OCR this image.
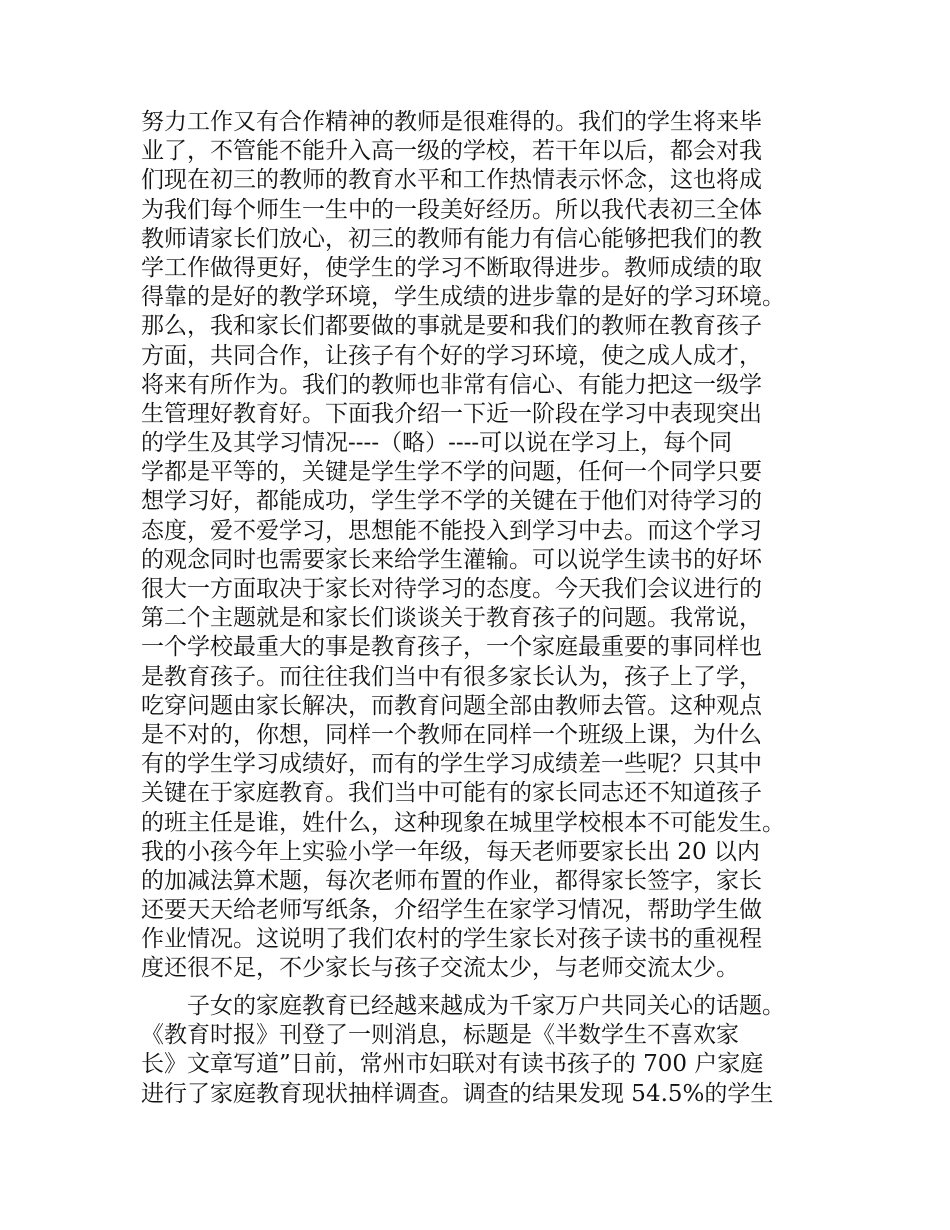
努力工作又有合作精神的教师是很难得的。我们的学生将来毕
业了，不管能不能升入高一级的学校，若干年以后，都会对我
们现在初三的教师的教育水平和工作热情表示怀念，这也将成
为我们每个师生一生中的一段美好经历。所以我代表初三全体
教师请家长们放心，初三的教师有能力有信心能够把我们的教
学工作做得更好，使学生的学习不断取得进步。教师成绩的取
得靠的是好的教学环境，学生成绩的进步靠的是好的学习环境。
那么，我和家长们都要做的事就是要和我们的教师在教育孩子
方面，共同合作，让孩子有个好的学习环境，使之成人成才，
将来有所作为。我们的教师也非常有信心、有能力把这一级学
生管理好教育好。下面我介绍一下近一阶段在学习中表现突出
的学生及其学习情况----（略）----可以说在学习上，每个同
学都是平等的，关键是学生学不学的问题，任何一个同学只要
想学习好，都能成功，学生学不学的关键在于他们对待学习的
态度，爱不爱学习，思想能不能投入到学习中去。而这个学习
的观念同时也需要家长来给学生灌输。可以说学生读书的好坏
很大一方面取决于家长对待学习的态度。今天我们会议进行的
第二个主题就是和家长们谈谈关于教育孩子的问题。我常说，
一个学校最重大的事是教育孩子，一个家庭最重要的事同样也
是教育孩子。而往往我们当中有很多家长认为，孩子上了学，
吃穿问题由家长解决，而教育问题全部由教师去管。这种观点
是不对的，你想，同样一个教师在同样一个班级上课，为什么
有的学生学习成绩好，而有的学生学习成绩差一些呢？只其中
关键在于家庭教育。我们当中可能有的家长同志还不知道孩子
的班主任是谁，姓什么，这种现象在城里学校根本不可能发生。
我的小孩今年上实验小学一年级，每天老师要家长出 20 以内
的加减法算术题，每次老师布置的作业，都得家长签字，家长
还要天天给老师写纸条，介绍学生在家学习情况，帮助学生做
作业情况。这说明了我们农村的学生家长对孩子读书的重视程
度还很不足，不少家长与孩子交流太少，与老师交流太少。
　　子女的家庭教育已经越来越成为千家万户共同关心的话题。
《教育时报》刊登了一则消息，标题是《半数学生不喜欢家
长》文章写道”日前，常州市妇联对有读书孩子的 700 户家庭
进行了家庭教育现状抽样调查。调查的结果发现 54.5%的学生
